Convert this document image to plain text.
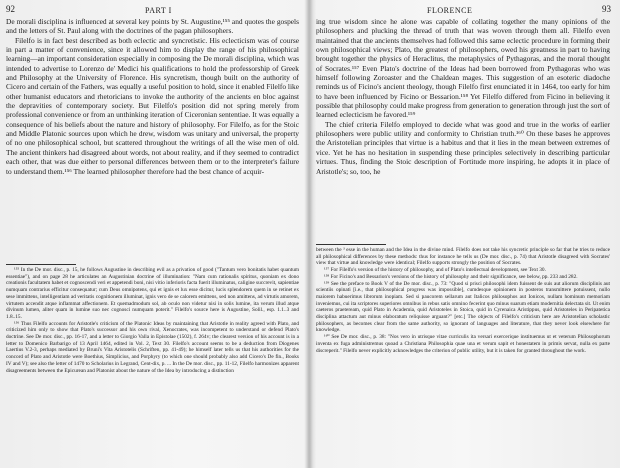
92	PART I

De morali disciplina is influenced at several key points by St. Augustine,¹⁵⁵ and quotes the gospels and the letters of St. Paul along with the doctrines of the pagan philosophers.

Filelfo is in fact best described as both eclectic and syncretistic. His eclecticism was of course in part a matter of convenience, since it allowed him to display the range of his philosophical learning—an important consideration especially in composing the De morali disciplina, which was intended to advertise to Lorenzo de' Medici his qualifications to hold the professorship of Greek and Philosophy at the University of Florence. His syncretism, though built on the authority of Cicero and certain of the Fathers, was equally a useful position to hold, since it enabled Filelfo like other humanist educators and rhetoricians to invoke the authority of the ancients en bloc against the depravities of contemporary society. But Filelfo's position did not spring merely from professional convenience or from an unthinking iteration of Ciceronian sententiae. It was equally a consequence of his beliefs about the nature and history of philosophy. For Filelfo, as for the Stoic and Middle Platonic sources upon which he drew, wisdom was unitary and universal, the property of no one philosophical school, but scattered throughout the writings of all the wise men of old. The ancient thinkers had disagreed about words, not about reality, and if they seemed to contradict each other, that was due either to personal differences between them or to the interpreter's failure to understand them.¹⁵⁶ The learned philosopher therefore had the best chance of acquir-

¹⁵⁵ In the De mor. disc., p. 15, he follows Augustine in describing evil as a privation of good ("Tantum vero bonitatis habet quantum essentiae"), and on page 28 he articulates an Augustinian doctrine of illumination: "Nam cum rationalis spiritus, quoniam ex dono creationis facultatem habet et cognoscendi veri et appetendi boni, nisi vitio inferioris facta fuerit illuminatus, caligine succrevit, sapientiae numquam contrarius efficitur consequatur; cum Deus omnipotens, qui et ignis et lux esse dicitur, lucis splendorem quem in se retinet ex sese immittens, intelligentiam ad veritatis cognitionem illuminat, ignis vero de se calorem emittens, sed non amittens, ad virtutis amorem, virtutem accendit atque inflammat affectionem. Et quemadmodum sol, ab oculo non videtur nisi in solis lumine, ita verum illud atque divinum lumen, aliter quam in lumine suo nec cognosci numquam poterit." Filelfo's source here is Augustine, Solil., esp. 1.1..3 and 1.8..15.

¹⁵⁶ Thus Filelfo accounts for Aristotle's criticism of the Platonic Ideas by maintaining that Aristotle in reality agreed with Plato, and criticized him only to show that Plato's successor and his own rival, Xenocrates, was incompetent to understand or defend Plato's doctrine. See De mor. disc., pp. 16-17, and a letter to Giorgio Valla in Epistolae (1502), f. 264v; the clearest version of his account is in a letter to Domenico Barbarigo of 13 April 1464, edited in Vol. 2, Text 30. Filelfo's account seems to be a deduction from Diogenes Laertius V.2-3, perhaps mediated by Bruni's Vita Aristotelis (Schriften, pp. 41-49); he himself later tells us that his authorities for the concord of Plato and Aristotle were Boethius, Simplicius, and Porphyry (to which one should probably also add Cicero's De fin., Books IV and V); see also the letter of 1470 to Scholarius in Legrand, Cent-dix, p. ... In the De mor. disc., pp. 11-12, Filelfo harmonizes apparent disagreements between the Epicurean and Platonist about the nature of the Idea by introducing a distinction

FLORENCE	93

ing true wisdom since he alone was capable of collating together the many opinions of the philosophers and plucking the thread of truth that was woven through them all. Filelfo even maintained that the ancients themselves had followed this same eclectic procedure in forming their own philosophical views; Plato, the greatest of philosophers, owed his greatness in part to having brought together the physics of Heraclitus, the metaphysics of Pythagoras, and the moral thought of Socrates.¹⁵⁷ Even Plato's doctrine of the Ideas had been borrowed from Pythagoras who was himself following Zoroaster and the Chaldean mages. This suggestion of an esoteric diadoche reminds us of Ficino's ancient theology, though Filelfo first enunciated it in 1464, too early for him to have been influenced by Ficino or Bessarion.¹⁵⁸ Yet Filelfo differed from Ficino in believing it possible that philosophy could make progress from generation to generation through just the sort of learned eclecticism he favored.¹⁵⁹

The chief criteria Filelfo employed to decide what was good and true in the works of earlier philosophers were public utility and conformity to Christian truth.¹⁶⁰ On these bases he approves the Aristotelian principles that virtue is a habitus and that it lies in the mean between extremes of vice. Yet he has no hesitation in suspending these principles selectively in describing particular virtues. Thus, finding the Stoic description of Fortitude more inspiring, he adopts it in place of Aristotle's; so, too, he

between the ³ esse in the human and the Idea in the divine mind. Filelfo does not take his syncretic principle so far that he tries to reduce all philosophical differences by these methods: thus for instance he tells us (De mor. disc., p. 74) that Aristotle disagreed with Socrates' view that virtue and knowledge were identical; Filelfo supports strongly the position of Socrates.

¹⁵⁷ For Filelfo's version of the history of philosophy, and of Plato's intellectual development, see Text 30.

¹⁵⁸ For Ficino's and Bessarion's versions of the history of philosophy and their significance, see below, pp. 233 and 282.

¹⁵⁹ See the preface to Book V of the De mor. disc., p. 73: "Quod si prisci philosophi idem fuissent de suis aut aliorum disciplinis aut scientiis opinati [i.e., that philosophical progress was impossible], cumdesque opinionem in posteros transmittere potuissent, nullo maiorem habuerimus librorum inopiam. Sed si paucorem sellarum aut Italicos philosophos aut Ionicos, nullam hominum memoriam inveniemus, cui ita scriptores superiores omnibus in rebus satis omnino fecerint quo minus suarum etiam modernitia delectata sit. Ut enim caeteros praeteream, quid Plato in Academia, quid Aristoteles in Stoica, quid in Cyrenaica Aristippus, quid Aristoteles in Peripatetica disciplina attactum aut minus elaboratum reliquisse arguant?" [etc.] The objects of Filelfo's criticism here are Aristotelian scholastic philosophers, as becomes clear from the same authority, so ignorant of languages and literature, that they never look elsewhere for knowledge.

¹⁶⁰ See De mor. disc., p. 38: "Nos vero in utrisque vitae curriculis ita versari exercerique instituemus ut et veterum Philosophorum inventa ex fuga administremus quoad a Christiana Philosophia quae una et verum sapit et honestatem in primis servat, nulla ex parte discreperit." Filelfo never explicitly acknowledges the criterion of public utility, but it is taken for granted throughout the work.
